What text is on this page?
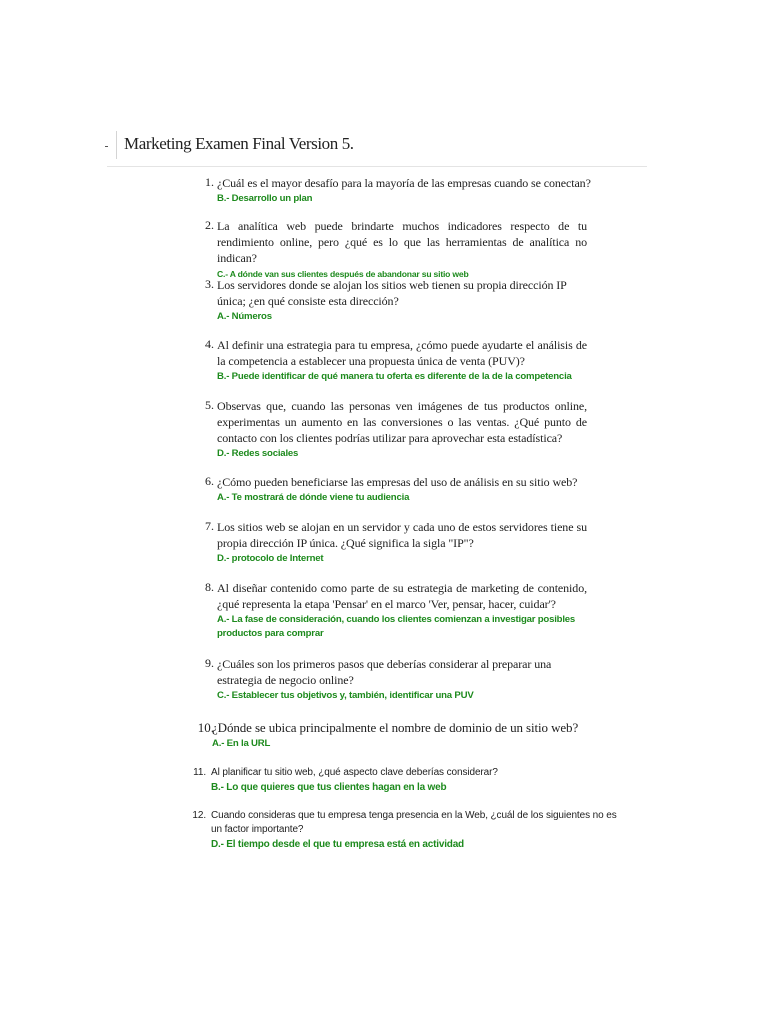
Marketing Examen Final Version 5.
1. ¿Cuál es el mayor desafío para la mayoría de las empresas cuando se conectan?
B.- Desarrollo un plan
2. La analítica web puede brindarte muchos indicadores respecto de tu rendimiento online, pero ¿qué es lo que las herramientas de analítica no indican?
C.- A dónde van sus clientes después de abandonar su sitio web
3. Los servidores donde se alojan los sitios web tienen su propia dirección IP única; ¿en qué consiste esta dirección?
A.- Números
4. Al definir una estrategia para tu empresa, ¿cómo puede ayudarte el análisis de la competencia a establecer una propuesta única de venta (PUV)?
B.- Puede identificar de qué manera tu oferta es diferente de la de la competencia
5. Observas que, cuando las personas ven imágenes de tus productos online, experimentas un aumento en las conversiones o las ventas. ¿Qué punto de contacto con los clientes podrías utilizar para aprovechar esta estadística?
D.- Redes sociales
6. ¿Cómo pueden beneficiarse las empresas del uso de análisis en su sitio web?
A.- Te mostrará de dónde viene tu audiencia
7. Los sitios web se alojan en un servidor y cada uno de estos servidores tiene su propia dirección IP única. ¿Qué significa la sigla "IP"?
D.- protocolo de Internet
8. Al diseñar contenido como parte de su estrategia de marketing de contenido, ¿qué representa la etapa 'Pensar' en el marco 'Ver, pensar, hacer, cuidar'?
A.- La fase de consideración, cuando los clientes comienzan a investigar posibles productos para comprar
9. ¿Cuáles son los primeros pasos que deberías considerar al preparar una estrategia de negocio online?
C.- Establecer tus objetivos y, también, identificar una PUV
10.
¿Dónde se ubica principalmente el nombre de dominio de un sitio web?
A.- En la URL
11. Al planificar tu sitio web, ¿qué aspecto clave deberías considerar?
B.- Lo que quieres que tus clientes hagan en la web
12. Cuando consideras que tu empresa tenga presencia en la Web, ¿cuál de los siguientes no es un factor importante?
D.- El tiempo desde el que tu empresa está en actividad
